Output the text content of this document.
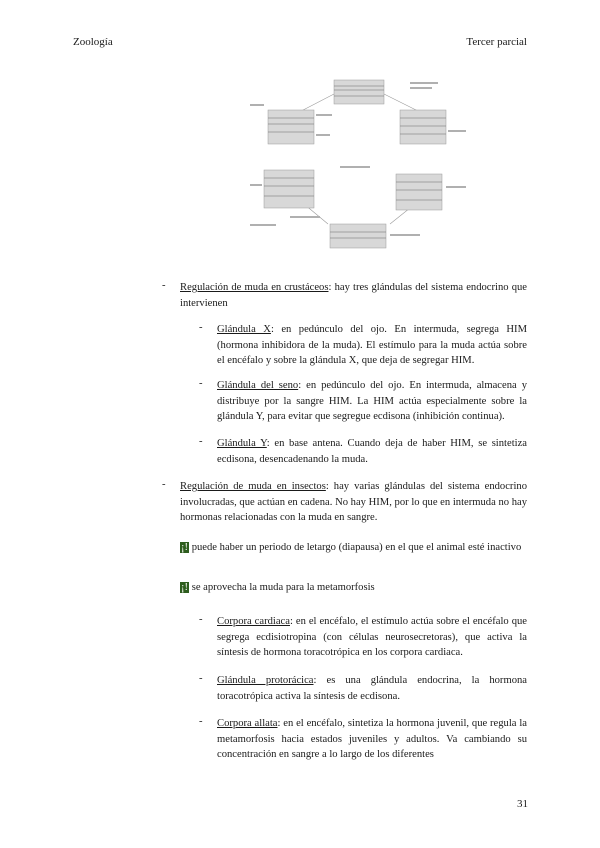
Zoología	Tercer parcial
- Regulación de muda en crustáceos: hay tres glándulas del sistema endocrino que intervienen
- Glándula X: en pedúnculo del ojo. En intermuda, segrega HIM (hormona inhibidora de la muda). El estímulo para la muda actúa sobre el encéfalo y sobre la glándula X, que deja de segregar HIM.
- Glándula del seno: en pedúnculo del ojo. En intermuda, almacena y distribuye por la sangre HIM. La HIM actúa especialmente sobre la glándula Y, para evitar que segregue ecdisona (inhibición continua).
- Glándula Y: en base antena. Cuando deja de haber HIM, se sintetiza ecdisona, desencadenando la muda.
- Regulación de muda en insectos: hay varias glándulas del sistema endocrino involucradas, que actúan en cadena. No hay HIM, por lo que en intermuda no hay hormonas relacionadas con la muda en sangre.
¡! puede haber un periodo de letargo (diapausa) en el que el animal esté inactivo
¡! se aprovecha la muda para la metamorfosis
- Corpora cardiaca: en el encéfalo, el estímulo actúa sobre el encéfalo que segrega ecdisiotropina (con células neurosecretoras), que activa la síntesis de hormona toracotrópica en los corpora cardiaca.
- Glándula protorácica: es una glándula endocrina, la hormona toracotrópica activa la síntesis de ecdisona.
- Corpora allata: en el encéfalo, sintetiza la hormona juvenil, que regula la metamorfosis hacia estados juveniles y adultos. Va cambiando su concentración en sangre a lo largo de los diferentes
31
